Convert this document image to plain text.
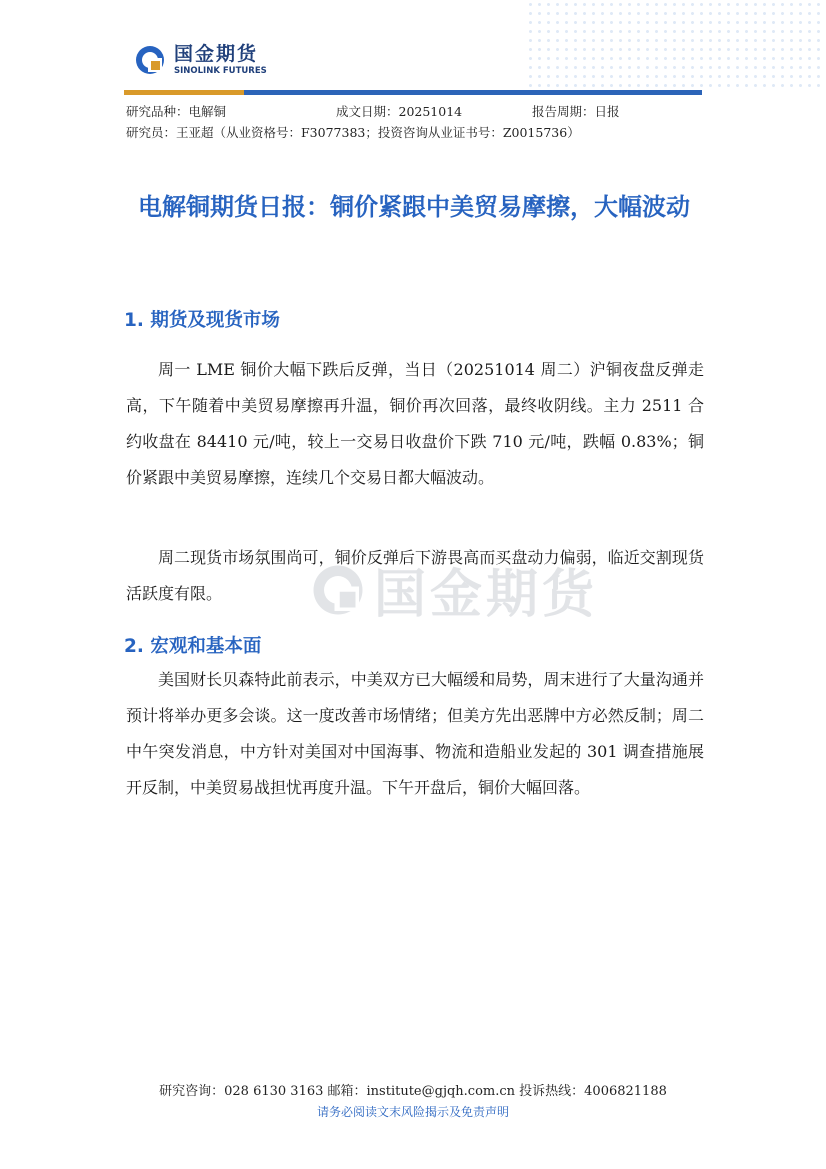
国金期货
SINOLINK FUTURES
研究品种：电解铜	成文日期：20251014	报告周期：日报
研究员：王亚超（从业资格号：F3077383；投资咨询从业证书号：Z0015736）
电解铜期货日报：铜价紧跟中美贸易摩擦，大幅波动
1. 期货及现货市场
周一 LME 铜价大幅下跌后反弹，当日（20251014 周二）沪铜夜盘反弹走高，下午随着中美贸易摩擦再升温，铜价再次回落，最终收阴线。主力 2511 合约收盘在 84410 元/吨，较上一交易日收盘价下跌 710 元/吨，跌幅 0.83%；铜价紧跟中美贸易摩擦，连续几个交易日都大幅波动。
周二现货市场氛围尚可，铜价反弹后下游畏高而买盘动力偏弱，临近交割现货活跃度有限。	国金期货
2. 宏观和基本面
美国财长贝森特此前表示，中美双方已大幅缓和局势，周末进行了大量沟通并预计将举办更多会谈。这一度改善市场情绪；但美方先出恶牌中方必然反制；周二中午突发消息，中方针对美国对中国海事、物流和造船业发起的 301 调查措施展开反制，中美贸易战担忧再度升温。下午开盘后，铜价大幅回落。
研究咨询：028 6130 3163 邮箱：institute@gjqh.com.cn 投诉热线：4006821188
请务必阅读文末风险揭示及免责声明
